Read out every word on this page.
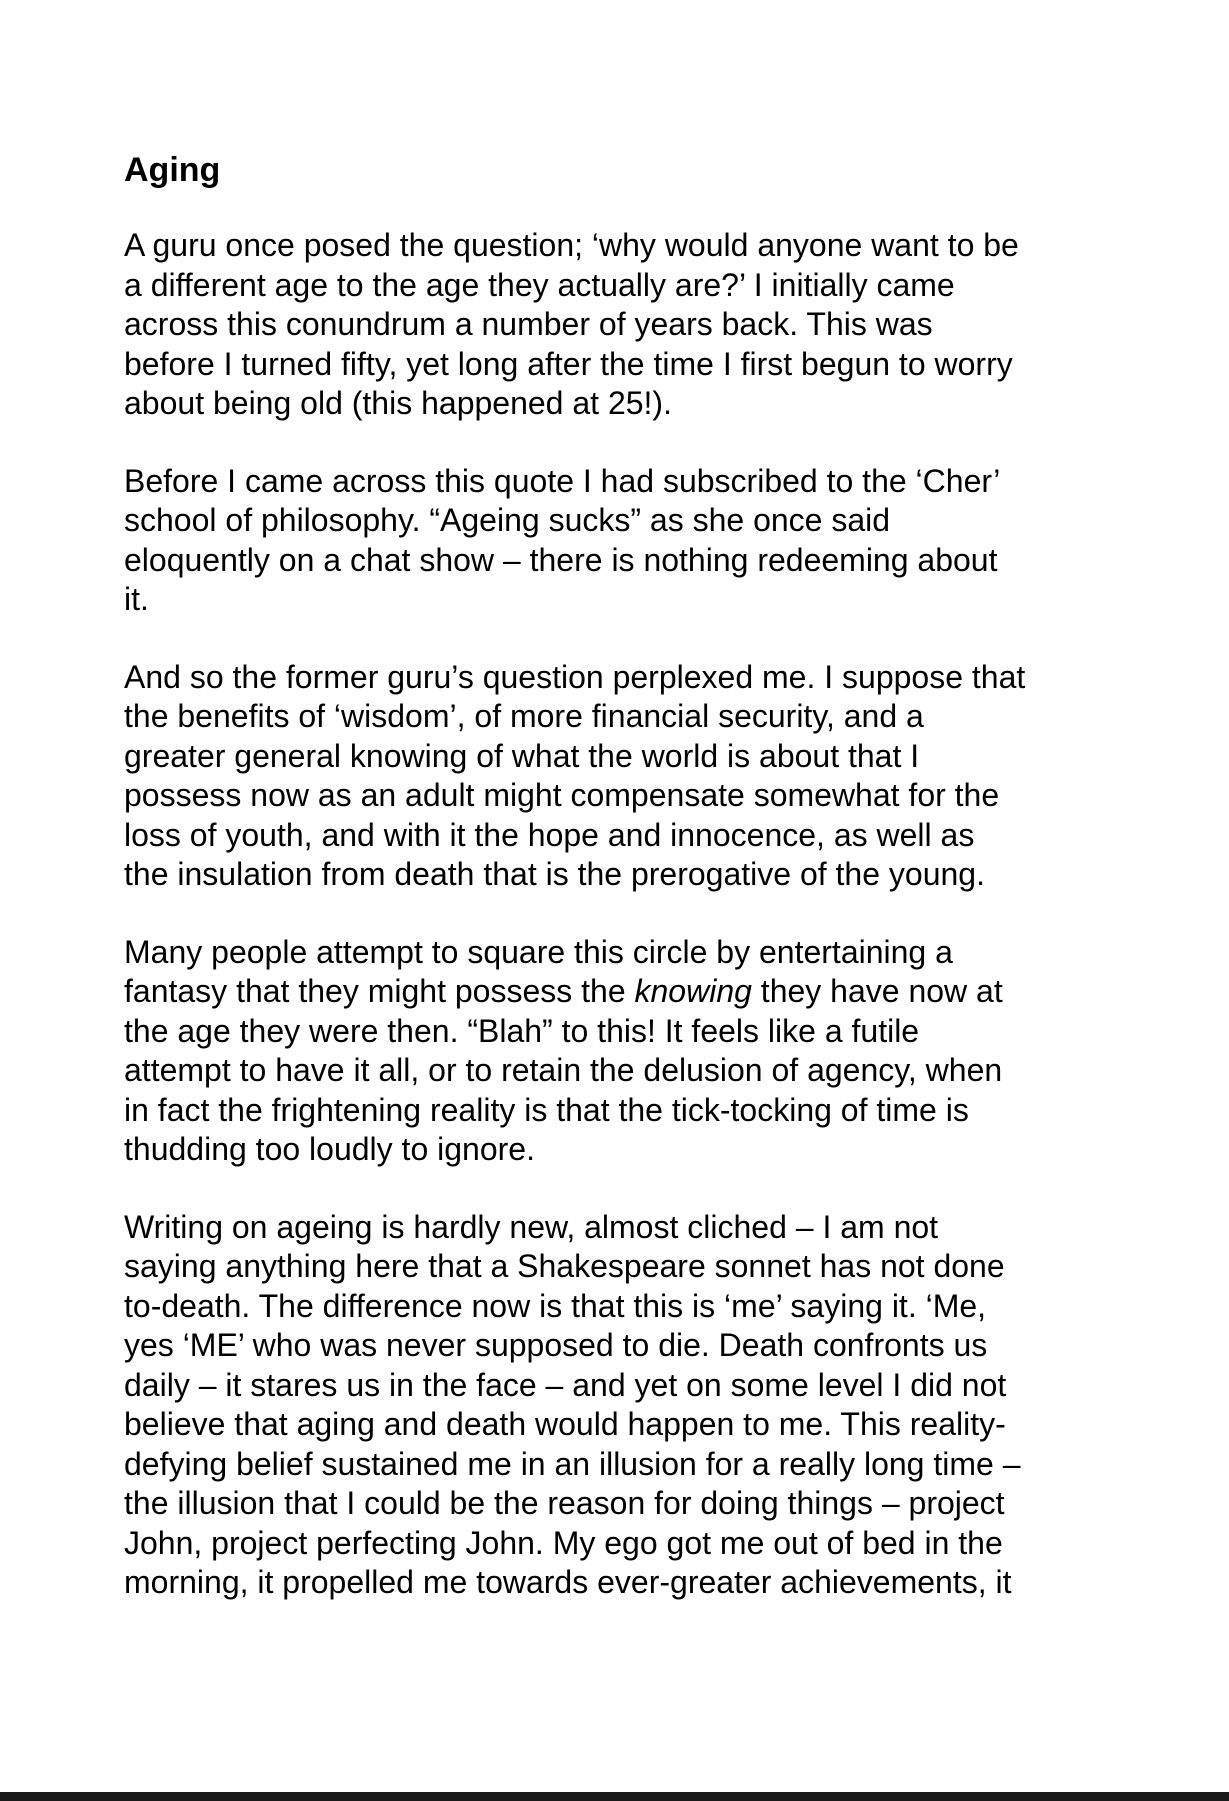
Aging
A guru once posed the question; ‘why would anyone want to be
a different age to the age they actually are?’ I initially came
across this conundrum a number of years back. This was
before I turned fifty, yet long after the time I first begun to worry
about being old (this happened at 25!).
Before I came across this quote I had subscribed to the ‘Cher’
school of philosophy. “Ageing sucks” as she once said
eloquently on a chat show – there is nothing redeeming about
it.
And so the former guru’s question perplexed me. I suppose that
the benefits of ‘wisdom’, of more financial security, and a
greater general knowing of what the world is about that I
possess now as an adult might compensate somewhat for the
loss of youth, and with it the hope and innocence, as well as
the insulation from death that is the prerogative of the young.
Many people attempt to square this circle by entertaining a
fantasy that they might possess the knowing they have now at
the age they were then. “Blah” to this! It feels like a futile
attempt to have it all, or to retain the delusion of agency, when
in fact the frightening reality is that the tick-tocking of time is
thudding too loudly to ignore.
Writing on ageing is hardly new, almost cliched – I am not
saying anything here that a Shakespeare sonnet has not done
to-death. The difference now is that this is ‘me’ saying it. ‘Me,
yes ‘ME’ who was never supposed to die. Death confronts us
daily – it stares us in the face – and yet on some level I did not
believe that aging and death would happen to me. This reality-
defying belief sustained me in an illusion for a really long time –
the illusion that I could be the reason for doing things – project
John, project perfecting John. My ego got me out of bed in the
morning, it propelled me towards ever-greater achievements, it
